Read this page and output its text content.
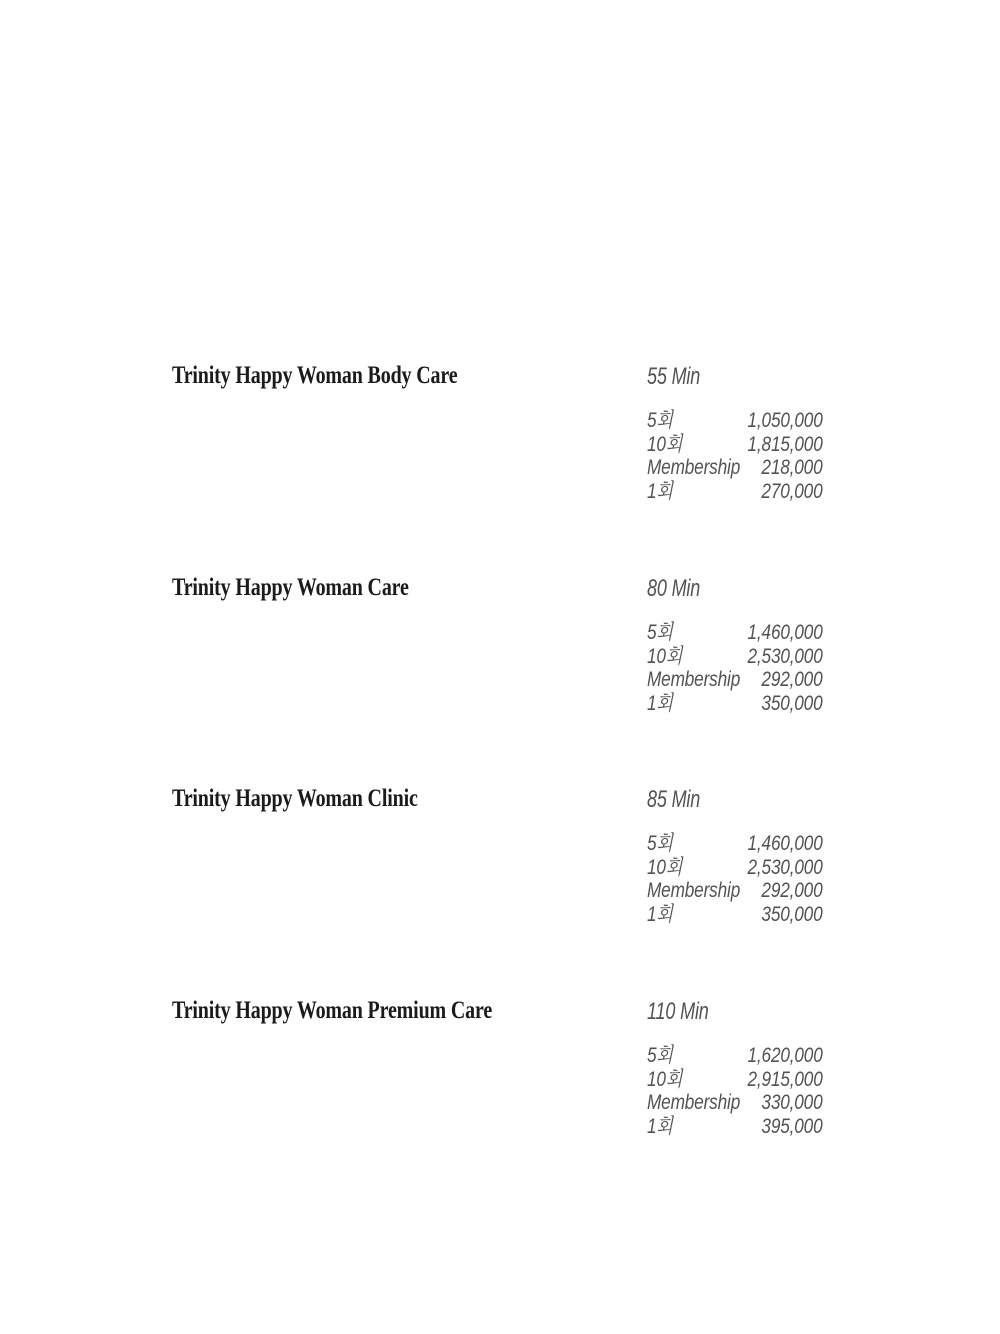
Trinity Happy Woman Body Care	55 Min
5회	1,050,000
10회	1,815,000
Membership 218,000
1회	270,000
Trinity Happy Woman Care	80 Min
5회	1,460,000
10회	2,530,000
Membership 292,000
1회	350,000
Trinity Happy Woman Clinic	85 Min
5회	1,460,000
10회	2,530,000
Membership 292,000
1회	350,000
Trinity Happy Woman Premium Care	110 Min
5회	1,620,000
10회	2,915,000
Membership 330,000
1회	395,000
